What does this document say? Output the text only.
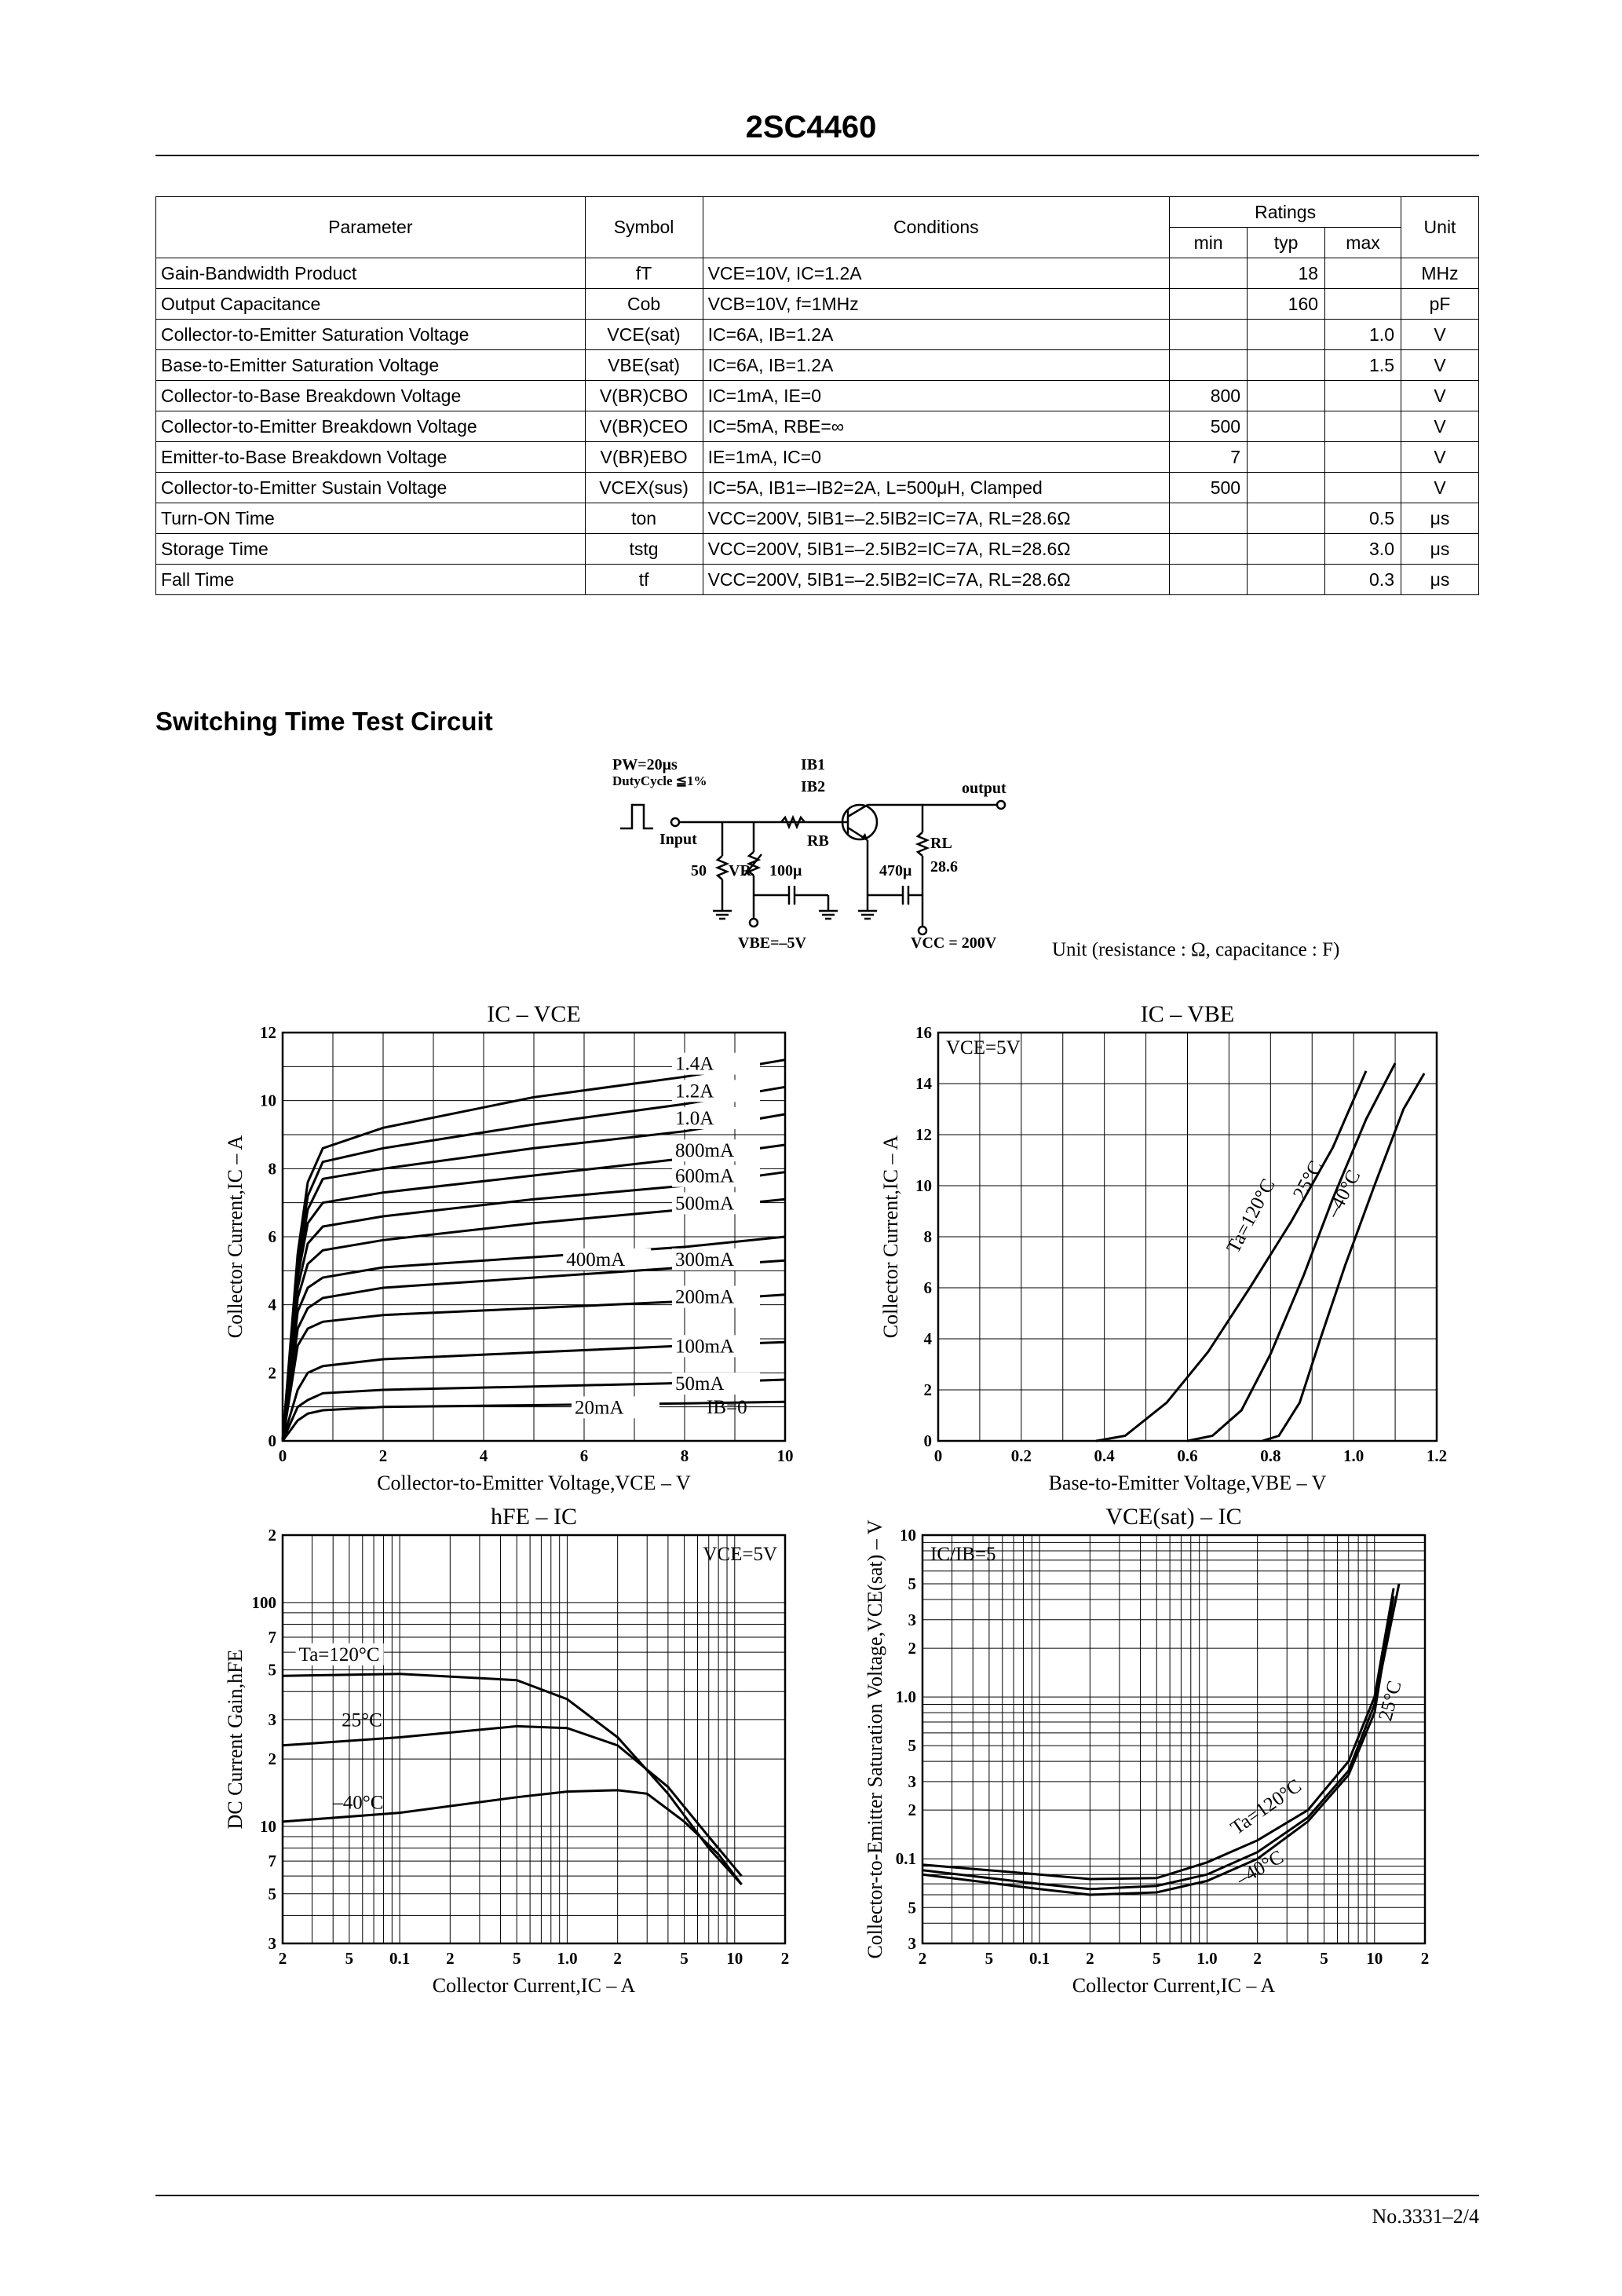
2SC4460
Parameter	Symbol	Conditions	Ratings			Unit
			min	typ	max	
Gain-Bandwidth Product	fT	VCE=10V, IC=1.2A		18		MHz
Output Capacitance	Cob	VCB=10V, f=1MHz		160		pF
Collector-to-Emitter Saturation Voltage	VCE(sat)	IC=6A, IB=1.2A			1.0	V
Base-to-Emitter Saturation Voltage	VBE(sat)	IC=6A, IB=1.2A			1.5	V
Collector-to-Base Breakdown Voltage	V(BR)CBO	IC=1mA, IE=0	800			V
Collector-to-Emitter Breakdown Voltage	V(BR)CEO	IC=5mA, RBE=∞	500			V
Emitter-to-Base Breakdown Voltage	V(BR)EBO	IE=1mA, IC=0	7			V
Collector-to-Emitter Sustain Voltage	VCEX(sus)	IC=5A, IB1=–IB2=2A, L=500μH, Clamped	500			V
Turn-ON Time	ton	VCC=200V, 5IB1=–2.5IB2=IC=7A, RL=28.6Ω			0.5	μs
Storage Time	tstg	VCC=200V, 5IB1=–2.5IB2=IC=7A, RL=28.6Ω			3.0	μs
Fall Time	tf	VCC=200V, 5IB1=–2.5IB2=IC=7A, RL=28.6Ω			0.3	μs
Switching Time Test Circuit
PW=20μs
DutyCycle ≦1%
IB1
IB2	output
Input	RB	RL
50 VR 100μ	470μ 28.6
VBE=–5V	VCC = 200V	Unit (resistance : Ω, capacitance : F)
0	2	4	6	8	10
0
2
4
6
8
10
12
IC – VCE
Collector-to-Emitter Voltage,VCE – V
Collector Current,IC – A
IB=0
1.4A
1.2A
1.0A
800mA
600mA
500mA
400mA	300mA
200mA
100mA
50mA
20mA
0	0.2	0.4	0.6	0.8	1.0	1.2
0
2
4
6
8
10
12
14
16
IC – VBE
Base-to-Emitter Voltage,VBE – V
Collector Current,IC – A
VCE=5V
Ta=120°C 25°C
–40°C
2	5 0.1 2	5 1.0 2	5 10 2
3
5
7
10
2
3
5
7
100
2
hFE – IC
Collector Current,IC – A
DC Current Gain,hFE
VCE=5V
Ta=120°C
25°C
–40°C
2	5 0.1 2	5 1.0 2	5 10 2
3
5
0.1
2
3
5
1.0
2
3
5
10
VCE(sat) – IC
Collector Current,IC – A
Collector-to-Emitter Saturation Voltage,VCE(sat) – V IC/IB=5
Ta=120°C
25°C
–40°C
No.3331–2/4
